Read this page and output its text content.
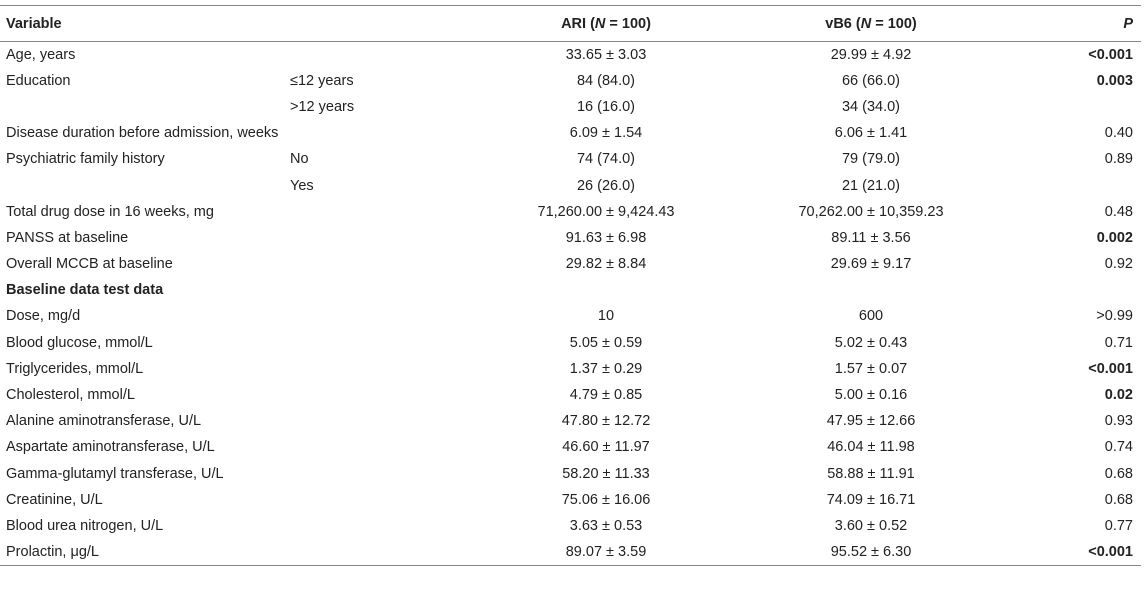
Variable		ARI (N = 100)	vB6 (N = 100)	P
Age, years		33.65 ± 3.03	29.99 ± 4.92	<0.001
Education	≤12 years	84 (84.0)	66 (66.0)	0.003
	>12 years	16 (16.0)	34 (34.0)	
Disease duration before admission, weeks		6.09 ± 1.54	6.06 ± 1.41	0.40
Psychiatric family history	No	74 (74.0)	79 (79.0)	0.89
	Yes	26 (26.0)	21 (21.0)	
Total drug dose in 16 weeks, mg		71,260.00 ± 9,424.43	70,262.00 ± 10,359.23	0.48
PANSS at baseline		91.63 ± 6.98	89.11 ± 3.56	0.002
Overall MCCB at baseline		29.82 ± 8.84	29.69 ± 9.17	0.92
Baseline data test data				
Dose, mg/d		10	600	>0.99
Blood glucose, mmol/L		5.05 ± 0.59	5.02 ± 0.43	0.71
Triglycerides, mmol/L		1.37 ± 0.29	1.57 ± 0.07	<0.001
Cholesterol, mmol/L		4.79 ± 0.85	5.00 ± 0.16	0.02
Alanine aminotransferase, U/L		47.80 ± 12.72	47.95 ± 12.66	0.93
Aspartate aminotransferase, U/L		46.60 ± 11.97	46.04 ± 11.98	0.74
Gamma-glutamyl transferase, U/L		58.20 ± 11.33	58.88 ± 11.91	0.68
Creatinine, U/L		75.06 ± 16.06	74.09 ± 16.71	0.68
Blood urea nitrogen, U/L		3.63 ± 0.53	3.60 ± 0.52	0.77
Prolactin, μg/L		89.07 ± 3.59	95.52 ± 6.30	<0.001
